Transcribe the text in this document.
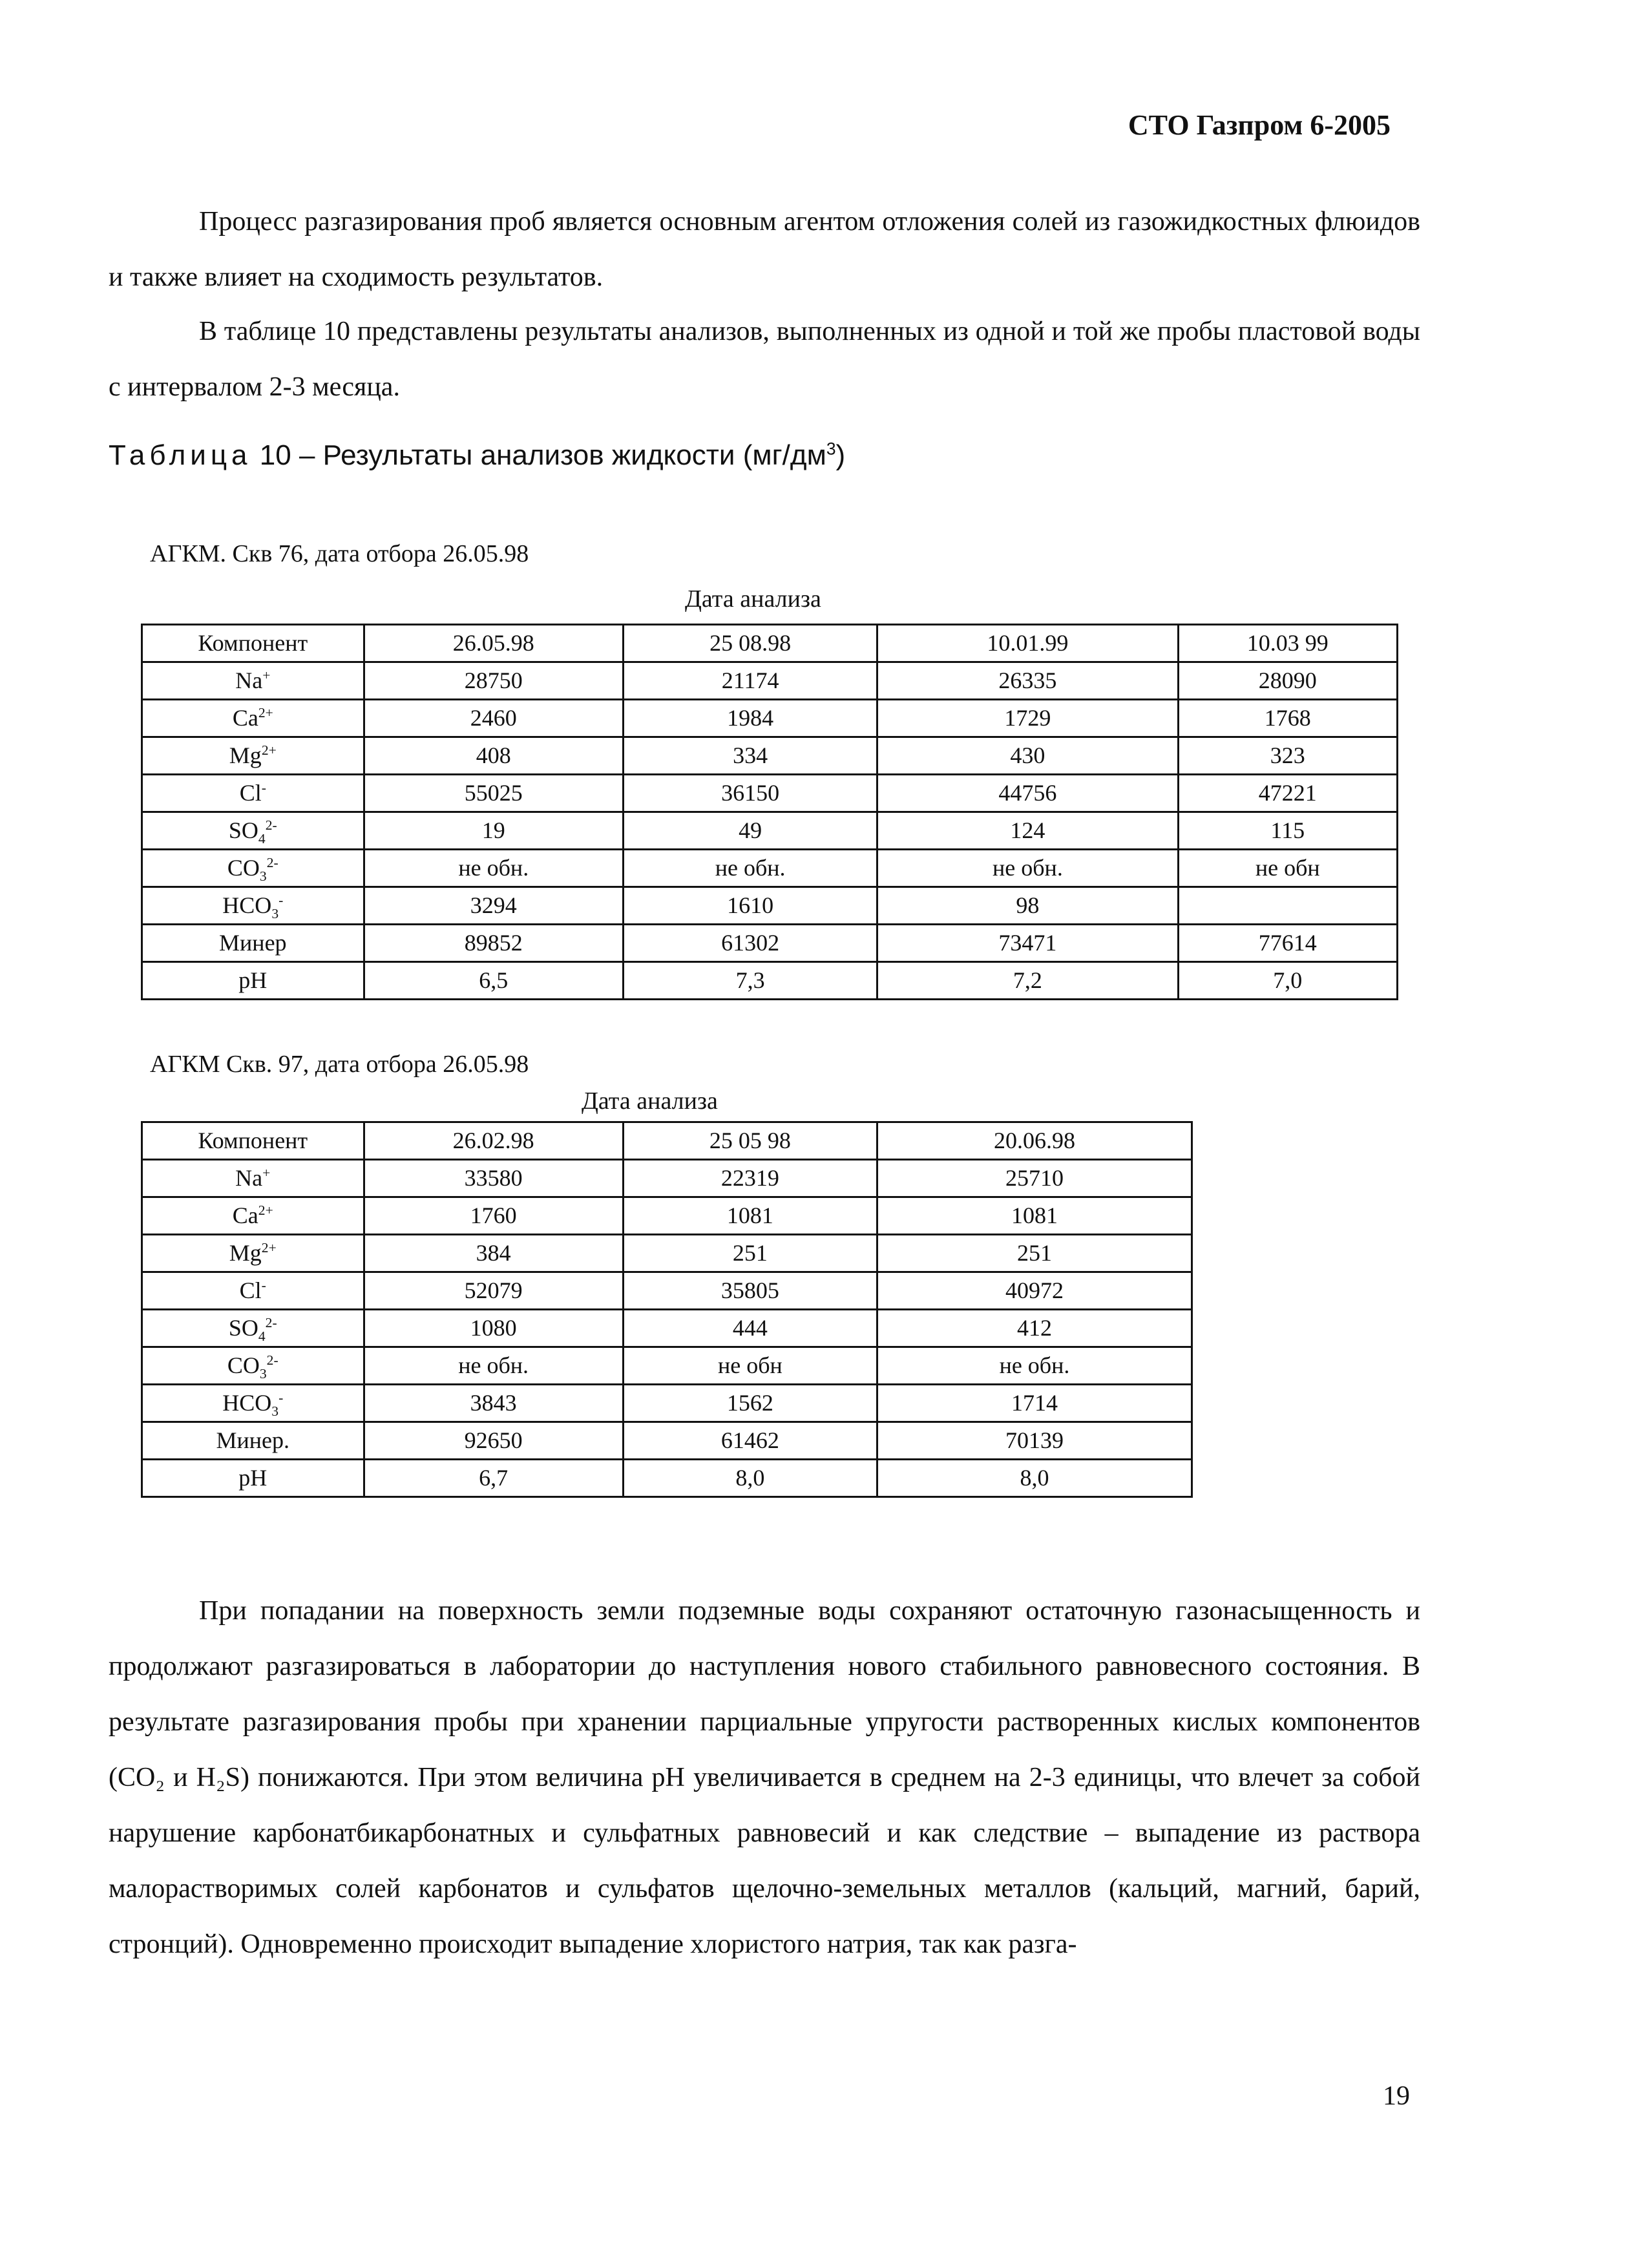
СТО Газпром 6-2005
Процесс разгазирования проб является основным агентом отложения солей из газожидкостных флюидов и также влияет на сходимость результатов.
В таблице 10 представлены результаты анализов, выполненных из одной и той же пробы пластовой воды с интервалом 2-3 месяца.
Таблица 10 – Результаты анализов жидкости $(мг/дм^3)$
АГКМ. Скв 76, дата отбора 26.05.98
Дата анализа
Компонент	26.05.98	25 08.98	10.01.99	10.03 99
Na+	28750	21174	26335	28090
$Ca^{2+}$	2460	1984	1729	1768
$Mg^{2+}$	408	334	430	323
Cl-	55025	36150	44756	47221
$SO_4^{2-}$	19	49	124	115
$CO_3^{2-}$	не обн.	не обн.	не обн.	не обн
$HCO_3^-$	3294	1610	98	
Минер	89852	61302	73471	77614
pH	6,5	7,3	7,2	7,0
АГКМ Скв. 97, дата отбора 26.05.98
Дата анализа
Компонент	26.02.98	25 05 98	20.06.98
Na+	33580	22319	25710
$Ca^{2+}$	1760	1081	1081
$Mg^{2+}$	384	251	251
Cl-	52079	35805	40972
$SO_4^{2-}$	1080	444	412
$CO_3^{2-}$	не обн.	не обн	не обн.
$HCO_3^-$	3843	1562	1714
Минер.	92650	61462	70139
pH	6,7	8,0	8,0
При попадании на поверхность земли подземные воды сохраняют остаточную газонасыщенность и продолжают разгазироваться в лаборатории до наступления нового стабильного равновесного состояния. В результате разгазирования пробы при хранении парциальные упругости растворенных кислых компонентов (CO₂ и H₂S) понижаются. При этом величина pH увеличивается в среднем на 2-3 единицы, что влечет за собой нарушение карбонатбикарбонатных и сульфатных равновесий и как следствие – выпадение из раствора малорастворимых солей карбонатов и сульфатов щелочно-земельных металлов (кальций, магний, барий, стронций). Одновременно происходит выпадение хлористого натрия, так как разга-
19
